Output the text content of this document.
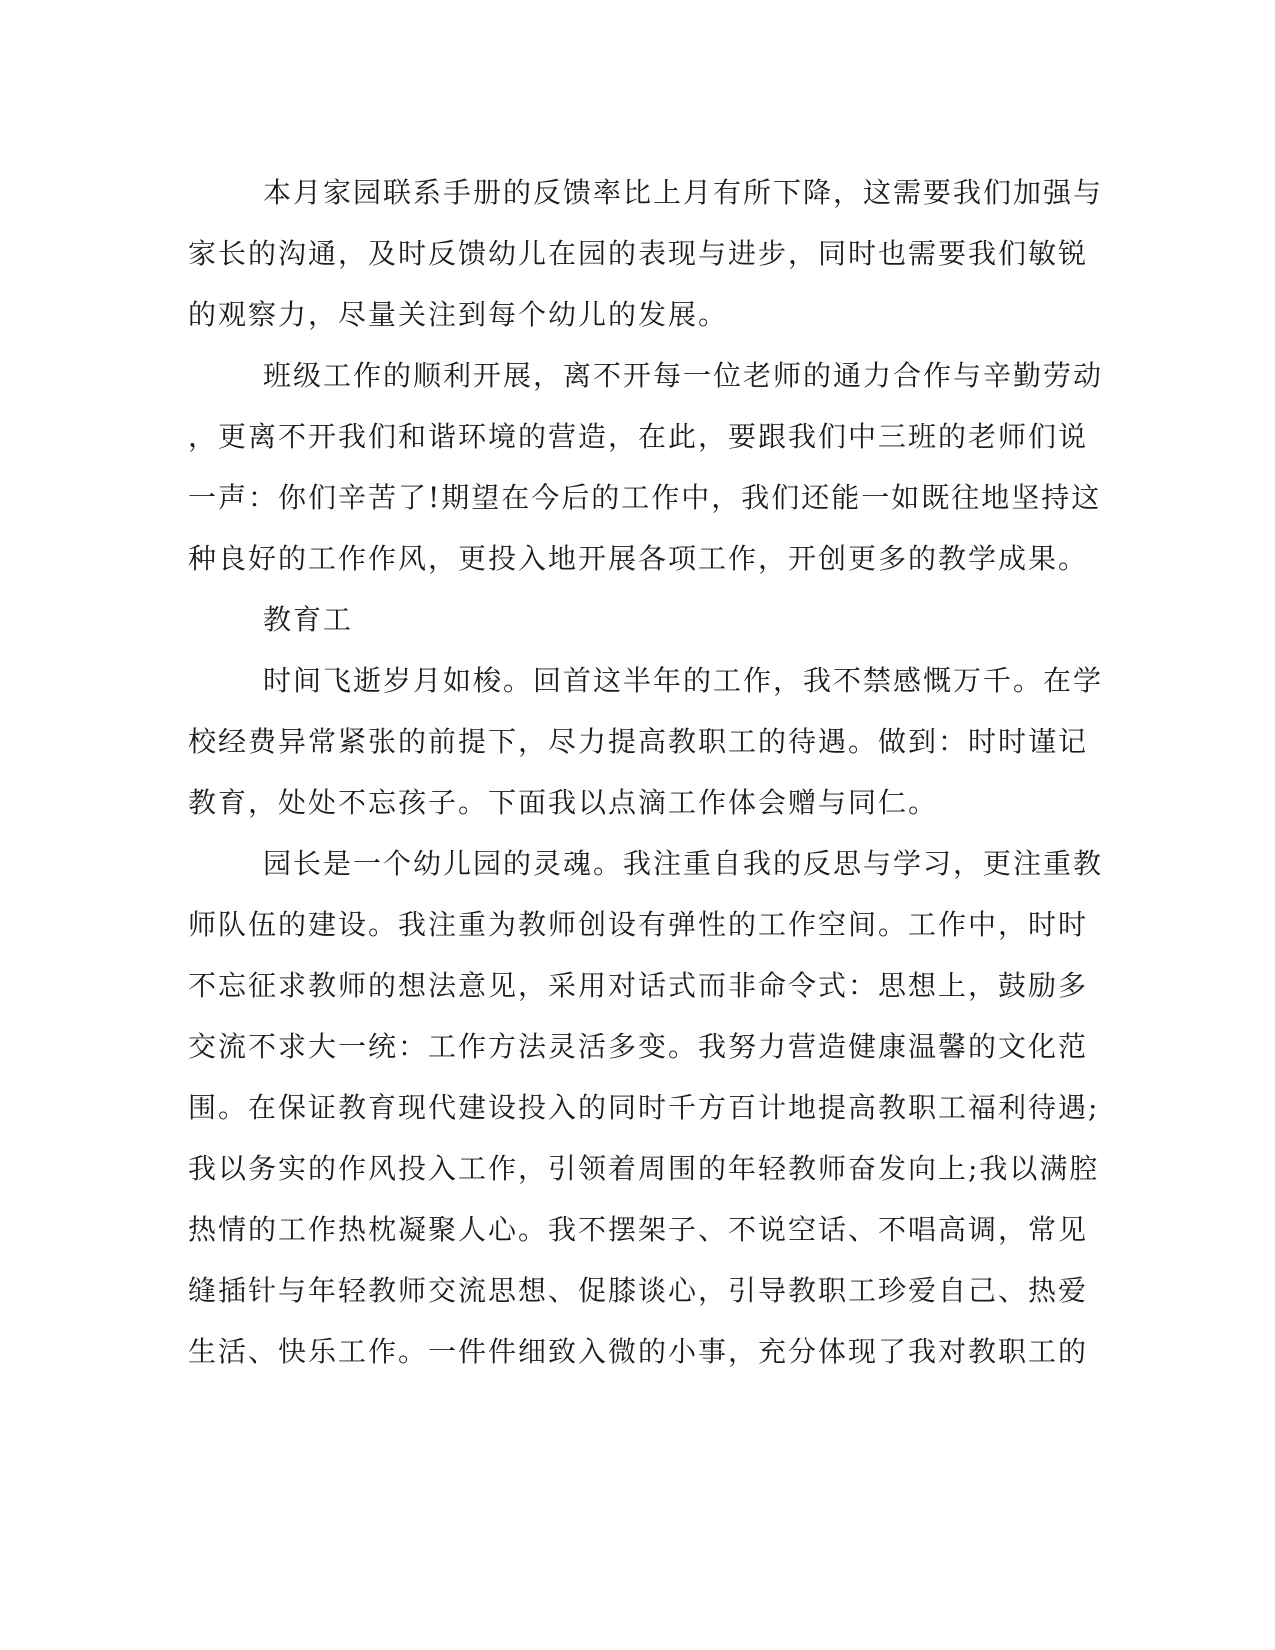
本月家园联系手册的反馈率比上月有所下降，这需要我们加强与
家长的沟通，及时反馈幼儿在园的表现与进步，同时也需要我们敏锐
的观察力，尽量关注到每个幼儿的发展。
班级工作的顺利开展，离不开每一位老师的通力合作与辛勤劳动
，更离不开我们和谐环境的营造，在此，要跟我们中三班的老师们说
一声：你们辛苦了!期望在今后的工作中，我们还能一如既往地坚持这
种良好的工作作风，更投入地开展各项工作，开创更多的教学成果。
教育工
时间飞逝岁月如梭。回首这半年的工作，我不禁感慨万千。在学
校经费异常紧张的前提下，尽力提高教职工的待遇。做到：时时谨记
教育，处处不忘孩子。下面我以点滴工作体会赠与同仁。
园长是一个幼儿园的灵魂。我注重自我的反思与学习，更注重教
师队伍的建设。我注重为教师创设有弹性的工作空间。工作中，时时
不忘征求教师的想法意见，采用对话式而非命令式：思想上，鼓励多
交流不求大一统：工作方法灵活多变。我努力营造健康温馨的文化范
围。在保证教育现代建设投入的同时千方百计地提高教职工福利待遇;
我以务实的作风投入工作，引领着周围的年轻教师奋发向上;我以满腔
热情的工作热枕凝聚人心。我不摆架子、不说空话、不唱高调，常见
缝插针与年轻教师交流思想、促膝谈心，引导教职工珍爱自己、热爱
生活、快乐工作。一件件细致入微的小事，充分体现了我对教职工的
